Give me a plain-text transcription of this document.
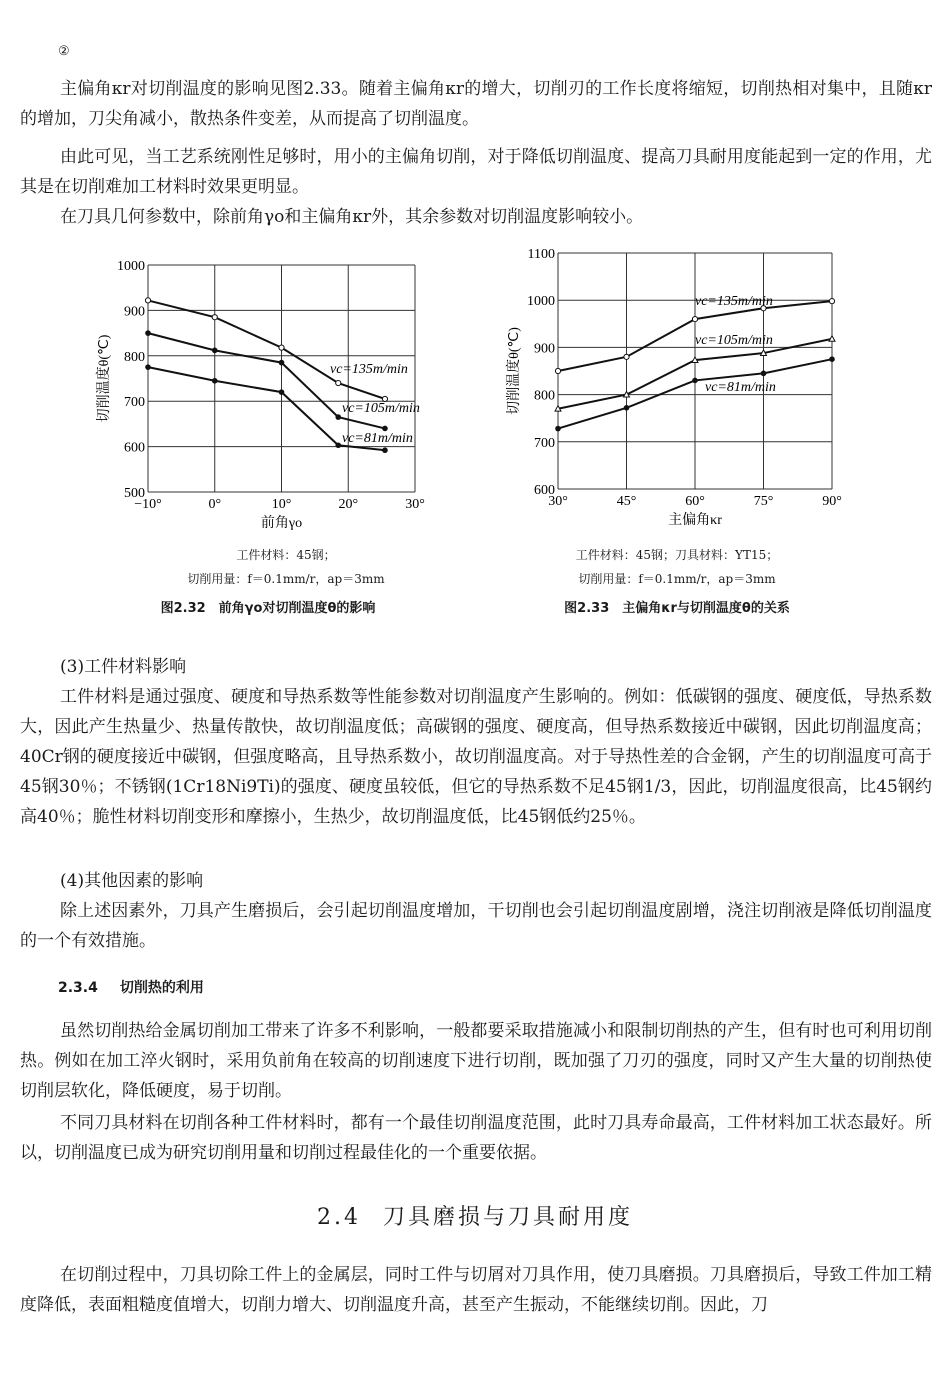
②

主偏角κr对切削温度的影响见图2.33。随着主偏角κr的增大，切削刃的工作长度将缩短，切削热相对集中，且随κr的增加，刀尖角减小，散热条件变差，从而提高了切削温度。

由此可见，当工艺系统刚性足够时，用小的主偏角切削，对于降低切削温度、提高刀具耐用度能起到一定的作用，尤其是在切削难加工材料时效果更明显。

在刀具几何参数中，除前角γo和主偏角κr外，其余参数对切削温度影响较小。

−10°	0°	10°	20°	30°
500
600
700
800
900
1000
前角γo
切削温度θ(℃)	vc=135m/min
vc=105m/min
vc=81m/min
工件材料：45钢；
切削用量：f＝0.1mm/r，ap＝3mm
图2.32　前角γo对切削温度θ的影响
30°	45°	60°	75°	90°
600
700
800
900
1000
1100
主偏角κr
切削温度θ(℃)
vc=135m/min
vc=105m/min
vc=81m/min
工件材料：45钢；刀具材料：YT15；
切削用量：f＝0.1mm/r，ap＝3mm
图2.33　主偏角κr与切削温度θ的关系

(3)工件材料影响

工件材料是通过强度、硬度和导热系数等性能参数对切削温度产生影响的。例如：低碳钢的强度、硬度低，导热系数大，因此产生热量少、热量传散快，故切削温度低；高碳钢的强度、硬度高，但导热系数接近中碳钢，因此切削温度高；40Cr钢的硬度接近中碳钢，但强度略高，且导热系数小，故切削温度高。对于导热性差的合金钢，产生的切削温度可高于45钢30％；不锈钢(1Cr18Ni9Ti)的强度、硬度虽较低，但它的导热系数不足45钢1/3，因此，切削温度很高，比45钢约高40％；脆性材料切削变形和摩擦小，生热少，故切削温度低，比45钢低约25％。

(4)其他因素的影响

除上述因素外，刀具产生磨损后，会引起切削温度增加，干切削也会引起切削温度剧增，浇注切削液是降低切削温度的一个有效措施。

2.3.4 切削热的利用

虽然切削热给金属切削加工带来了许多不利影响，一般都要采取措施减小和限制切削热的产生，但有时也可利用切削热。例如在加工淬火钢时，采用负前角在较高的切削速度下进行切削，既加强了刀刃的强度，同时又产生大量的切削热使切削层软化，降低硬度，易于切削。

不同刀具材料在切削各种工件材料时，都有一个最佳切削温度范围，此时刀具寿命最高，工件材料加工状态最好。所以，切削温度已成为研究切削用量和切削过程最佳化的一个重要依据。

2.4 刀具磨损与刀具耐用度

在切削过程中，刀具切除工件上的金属层，同时工件与切屑对刀具作用，使刀具磨损。刀具磨损后，导致工件加工精度降低，表面粗糙度值增大，切削力增大、切削温度升高，甚至产生振动，不能继续切削。因此，刀
